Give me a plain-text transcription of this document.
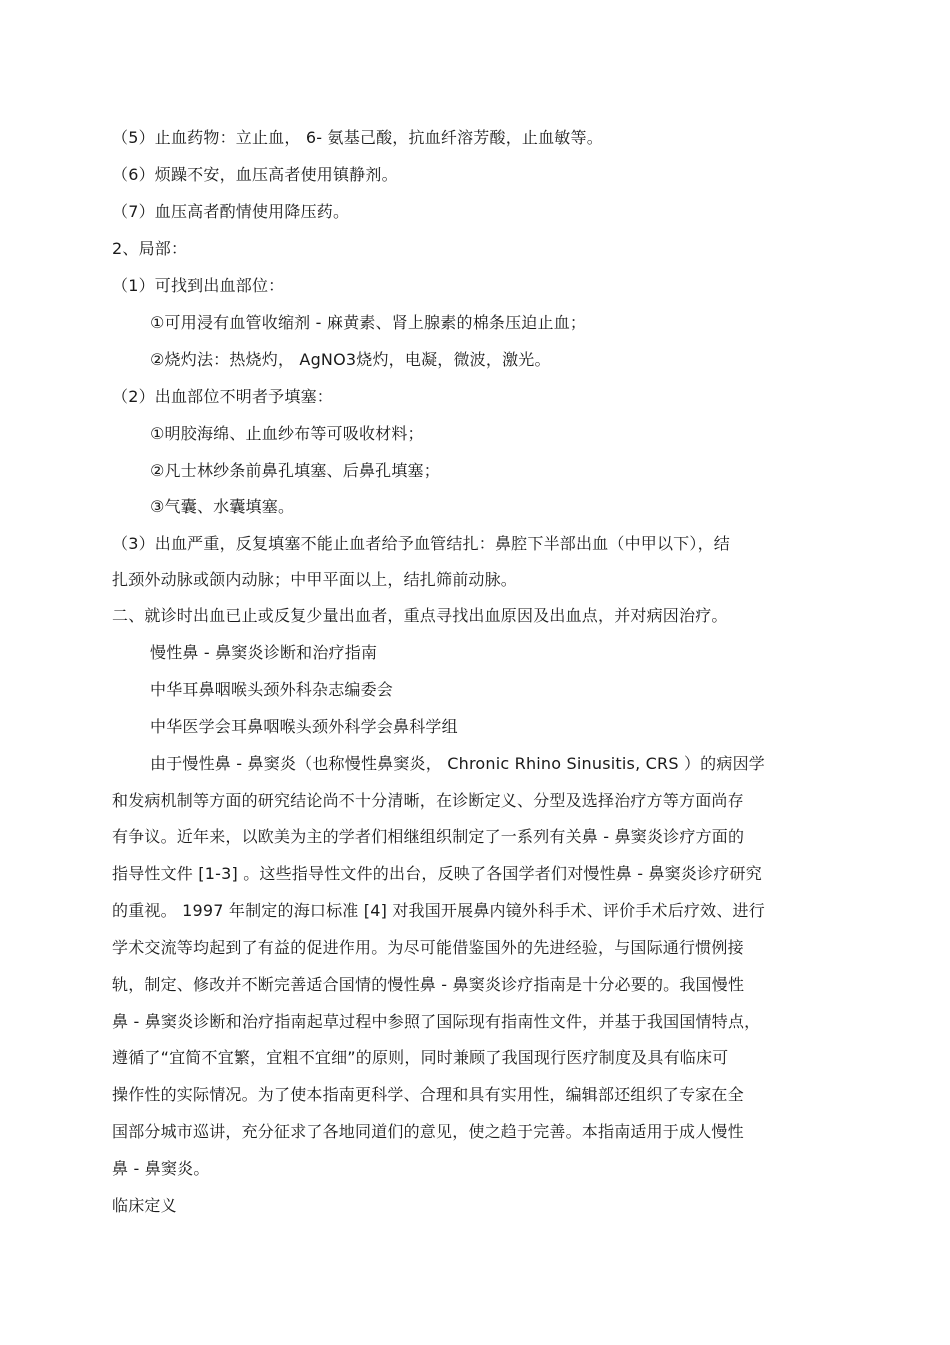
（5）止血药物：立止血， 6- 氨基己酸，抗血纤溶芳酸，止血敏等。
（6）烦躁不安，血压高者使用镇静剂。
（7）血压高者酌情使用降压药。
2、局部：
（1）可找到出血部位：
①可用浸有血管收缩剂 - 麻黄素、肾上腺素的棉条压迫止血；
②烧灼法：热烧灼， AgNO3烧灼，电凝，微波，激光。
（2）出血部位不明者予填塞：
①明胶海绵、止血纱布等可吸收材料；
②凡士林纱条前鼻孔填塞、后鼻孔填塞；
③气囊、水囊填塞。
（3）出血严重，反复填塞不能止血者给予血管结扎：鼻腔下半部出血（中甲以下），结
扎颈外动脉或颌内动脉；中甲平面以上，结扎筛前动脉。
二、就诊时出血已止或反复少量出血者，重点寻找出血原因及出血点，并对病因治疗。
慢性鼻 - 鼻窦炎诊断和治疗指南
中华耳鼻咽喉头颈外科杂志编委会
中华医学会耳鼻咽喉头颈外科学会鼻科学组
由于慢性鼻 - 鼻窦炎（也称慢性鼻窦炎， Chronic Rhino Sinusitis, CRS ）的病因学
和发病机制等方面的研究结论尚不十分清晰，在诊断定义、分型及选择治疗方等方面尚存
有争议。近年来，以欧美为主的学者们相继组织制定了一系列有关鼻 - 鼻窦炎诊疗方面的
指导性文件 [1-3] 。这些指导性文件的出台，反映了各国学者们对慢性鼻 - 鼻窦炎诊疗研究
的重视。 1997 年制定的海口标准 [4] 对我国开展鼻内镜外科手术、评价手术后疗效、进行
学术交流等均起到了有益的促进作用。为尽可能借鉴国外的先进经验，与国际通行惯例接
轨，制定、修改并不断完善适合国情的慢性鼻 - 鼻窦炎诊疗指南是十分必要的。我国慢性
鼻 - 鼻窦炎诊断和治疗指南起草过程中参照了国际现有指南性文件，并基于我国国情特点，
遵循了“宜简不宜繁，宜粗不宜细”的原则，同时兼顾了我国现行医疗制度及具有临床可
操作性的实际情况。为了使本指南更科学、合理和具有实用性，编辑部还组织了专家在全
国部分城市巡讲，充分征求了各地同道们的意见，使之趋于完善。本指南适用于成人慢性
鼻 - 鼻窦炎。
临床定义
